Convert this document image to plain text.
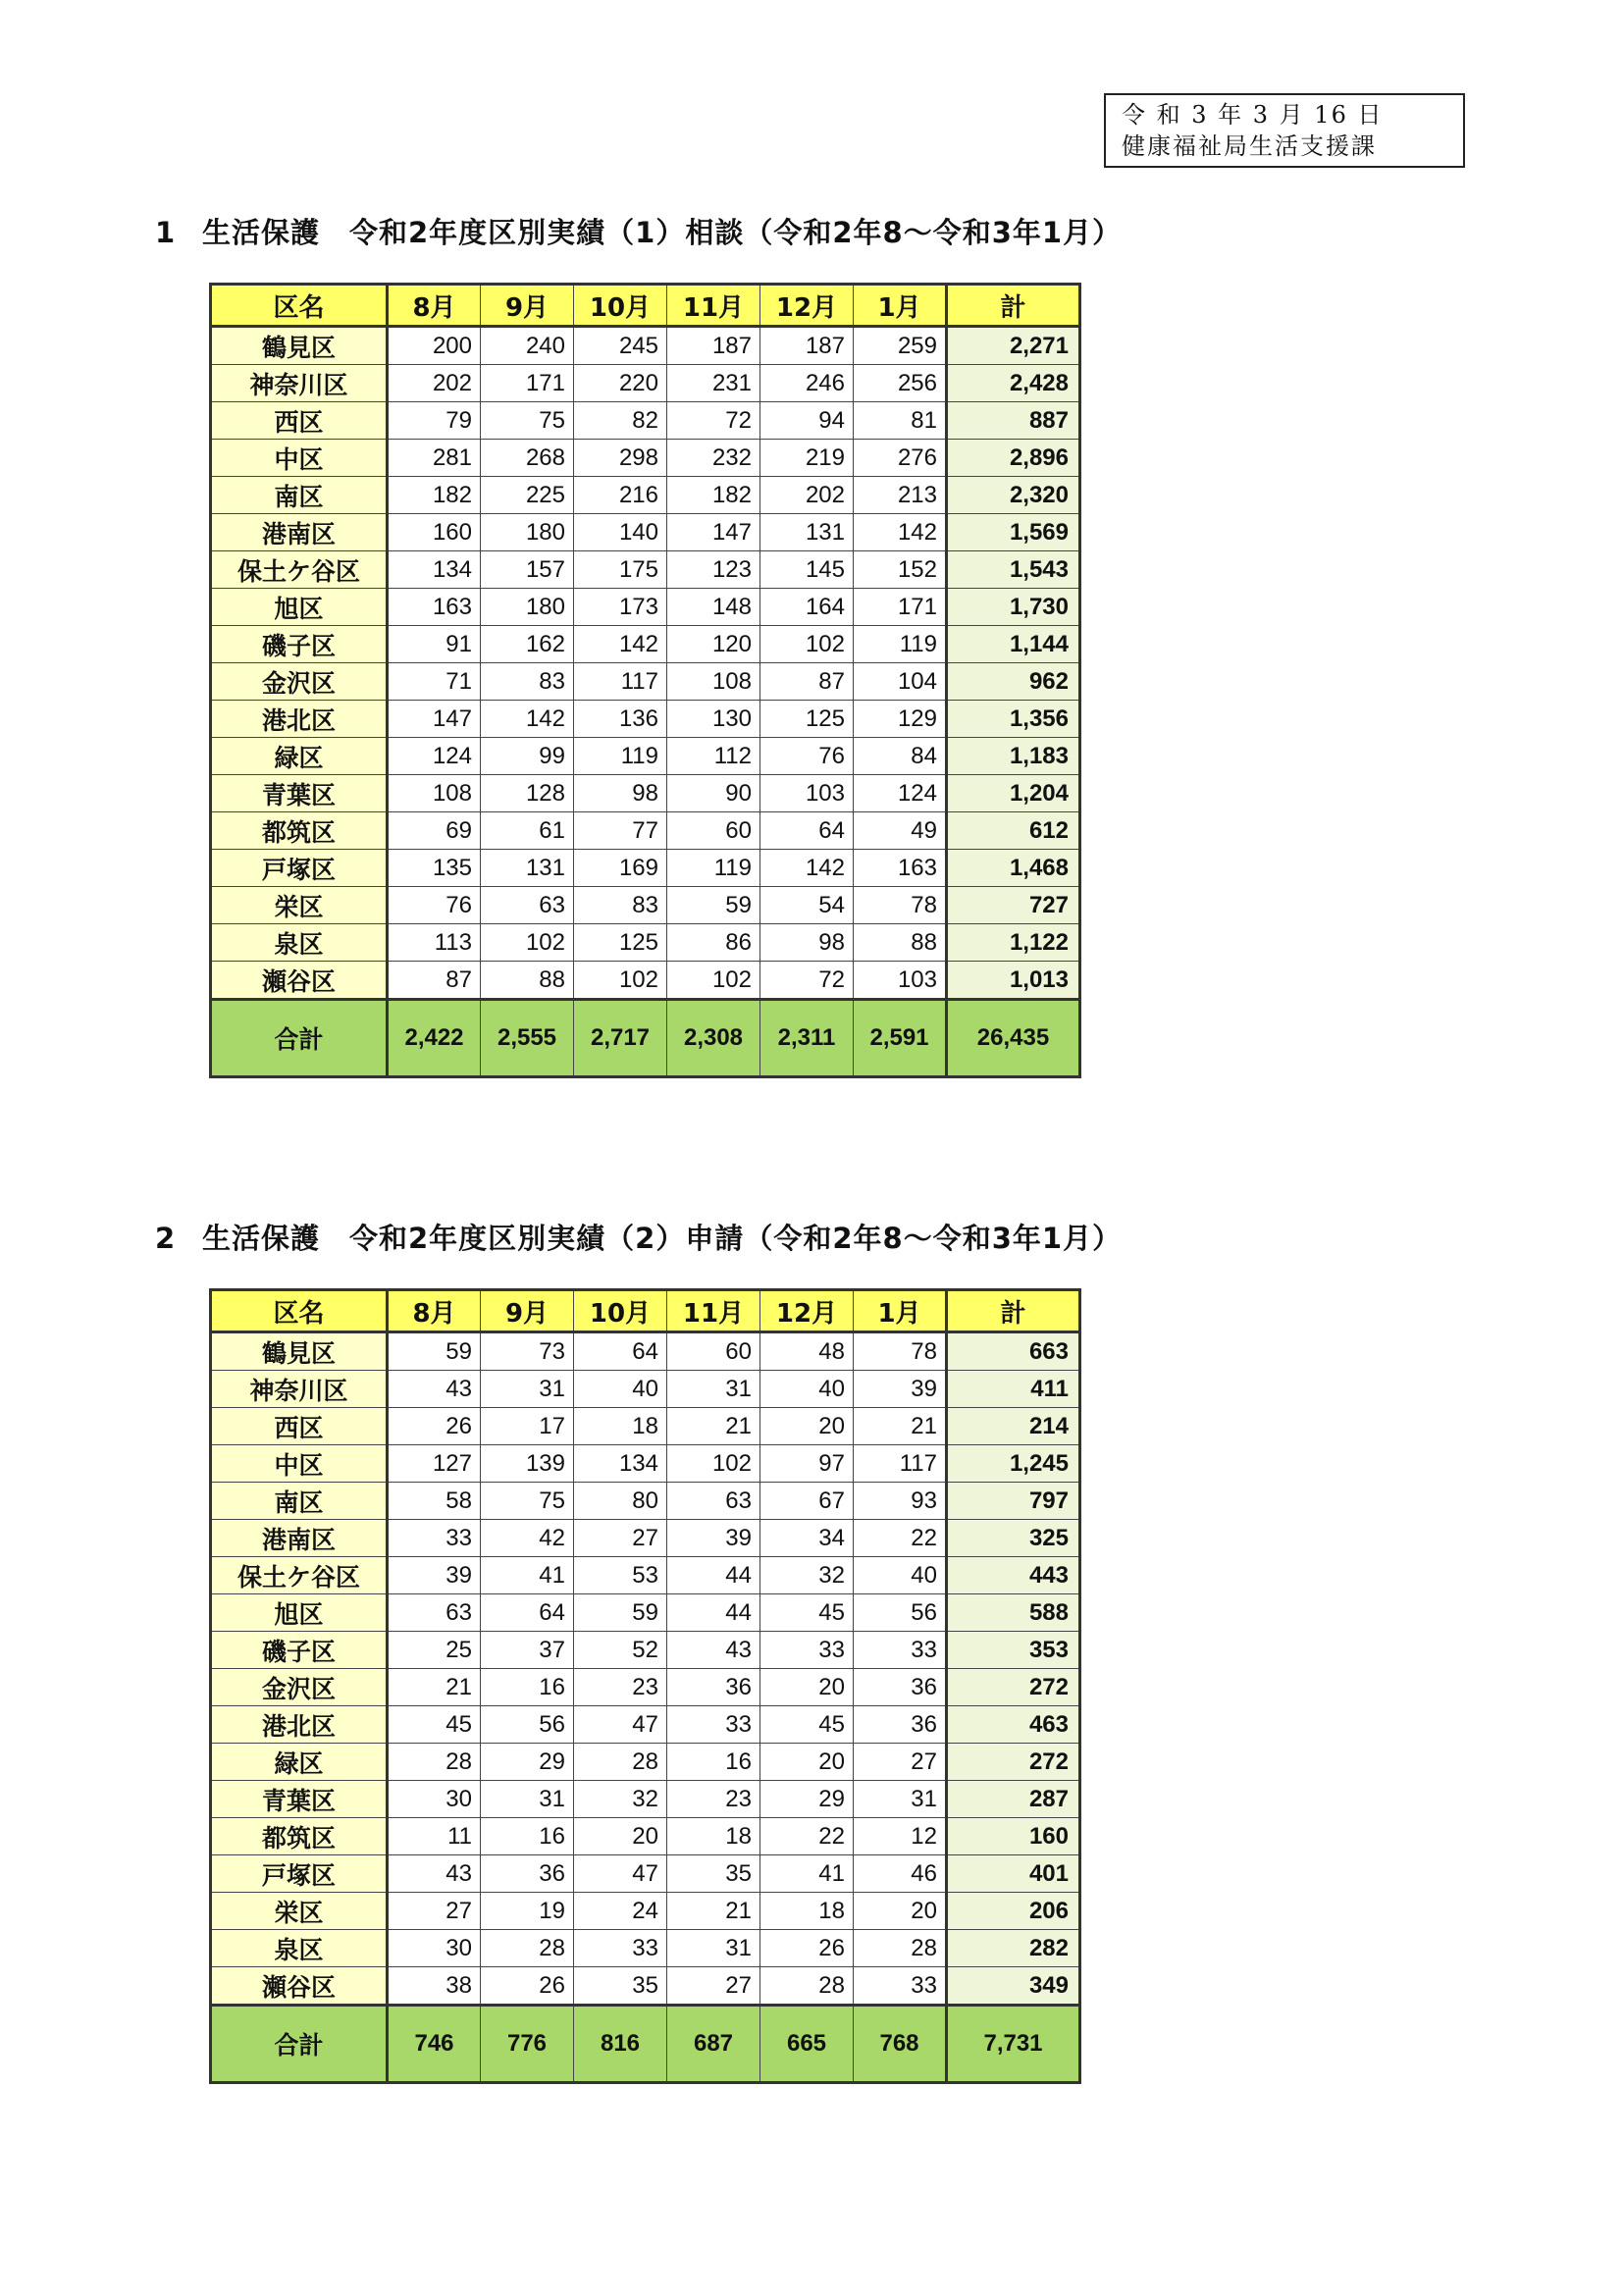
令 和 3 年 3 月 16 日
健康福祉局生活支援課
1 生活保護　令和2年度区別実績（1）相談（令和2年8～令和3年1月）
区名	8月	9月	10月	11月	12月	1月	計
鶴見区	200	240	245	187	187	259	2,271
神奈川区	202	171	220	231	246	256	2,428
西区	79	75	82	72	94	81	887
中区	281	268	298	232	219	276	2,896
南区	182	225	216	182	202	213	2,320
港南区	160	180	140	147	131	142	1,569
保土ケ谷区	134	157	175	123	145	152	1,543
旭区	163	180	173	148	164	171	1,730
磯子区	91	162	142	120	102	119	1,144
金沢区	71	83	117	108	87	104	962
港北区	147	142	136	130	125	129	1,356
緑区	124	99	119	112	76	84	1,183
青葉区	108	128	98	90	103	124	1,204
都筑区	69	61	77	60	64	49	612
戸塚区	135	131	169	119	142	163	1,468
栄区	76	63	83	59	54	78	727
泉区	113	102	125	86	98	88	1,122
瀬谷区	87	88	102	102	72	103	1,013
合計	2,422	2,555	2,717	2,308	2,311	2,591	26,435
2 生活保護　令和2年度区別実績（2）申請（令和2年8～令和3年1月）
区名	8月	9月	10月	11月	12月	1月	計
鶴見区	59	73	64	60	48	78	663
神奈川区	43	31	40	31	40	39	411
西区	26	17	18	21	20	21	214
中区	127	139	134	102	97	117	1,245
南区	58	75	80	63	67	93	797
港南区	33	42	27	39	34	22	325
保土ケ谷区	39	41	53	44	32	40	443
旭区	63	64	59	44	45	56	588
磯子区	25	37	52	43	33	33	353
金沢区	21	16	23	36	20	36	272
港北区	45	56	47	33	45	36	463
緑区	28	29	28	16	20	27	272
青葉区	30	31	32	23	29	31	287
都筑区	11	16	20	18	22	12	160
戸塚区	43	36	47	35	41	46	401
栄区	27	19	24	21	18	20	206
泉区	30	28	33	31	26	28	282
瀬谷区	38	26	35	27	28	33	349
合計	746	776	816	687	665	768	7,731
